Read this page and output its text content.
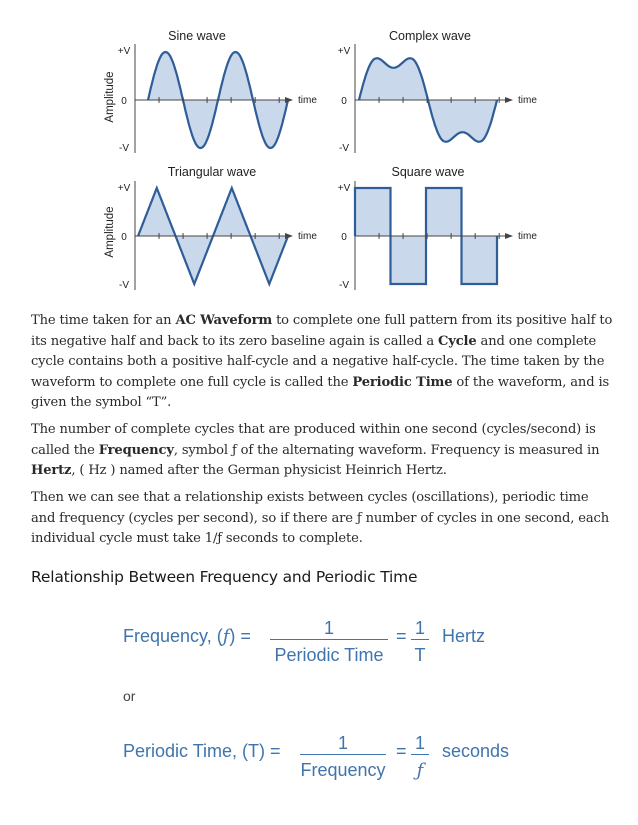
Amplitude
Amplitude
Sine wave
+V
0
-V
time
Complex wave
+V
0
-V
time
Triangular wave
+V
0
-V
time
Square wave
+V
0
-V
time

The time taken for an AC Waveform to complete one full pattern from its positive half to its negative half and back to its zero baseline again is called a Cycle and one complete cycle contains both a positive half-cycle and a negative half-cycle. The time taken by the waveform to complete one full cycle is called the Periodic Time of the waveform, and is given the symbol “T”.

The number of complete cycles that are produced within one second (cycles/second) is called the Frequency, symbol ƒ of the alternating waveform. Frequency is measured in Hertz, ( Hz ) named after the German physicist Heinrich Hertz.

Then we can see that a relationship exists between cycles (oscillations), periodic time and frequency (cycles per second), so if there are ƒ number of cycles in one second, each individual cycle must take 1/ƒ seconds to complete.

Relationship Between Frequency and Periodic Time
Frequency, (ƒ) =	1
Periodic Time
= 1
T
Hertz
or
Periodic Time, (T) =	1
Frequency
= 1
ƒ
seconds
